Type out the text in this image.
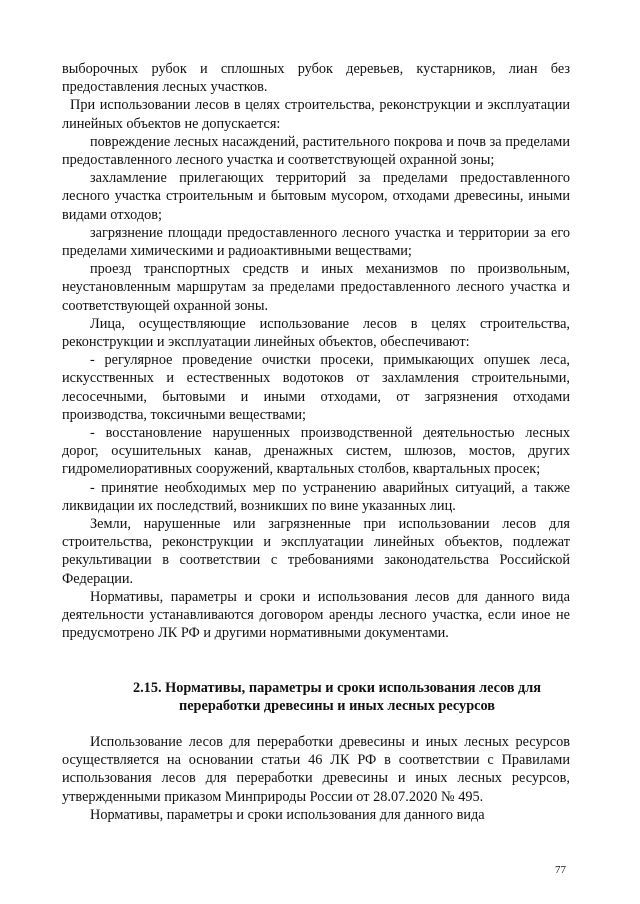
выборочных рубок и сплошных рубок деревьев, кустарников, лиан без предоставления лесных участков.

При использовании лесов в целях строительства, реконструкции и эксплуатации линейных объектов не допускается:

повреждение лесных насаждений, растительного покрова и почв за пределами предоставленного лесного участка и соответствующей охранной зоны;

захламление прилегающих территорий за пределами предоставленного лесного участка строительным и бытовым мусором, отходами древесины, иными видами отходов;

загрязнение площади предоставленного лесного участка и территории за его пределами химическими и радиоактивными веществами;

проезд транспортных средств и иных механизмов по произвольным, неустановленным маршрутам за пределами предоставленного лесного участка и соответствующей охранной зоны.

Лица, осуществляющие использование лесов в целях строительства, реконструкции и эксплуатации линейных объектов, обеспечивают:

- регулярное проведение очистки просеки, примыкающих опушек леса, искусственных и естественных водотоков от захламления строительными, лесосечными, бытовыми и иными отходами, от загрязнения отходами производства, токсичными веществами;

- восстановление нарушенных производственной деятельностью лесных дорог, осушительных канав, дренажных систем, шлюзов, мостов, других гидромелиоративных сооружений, квартальных столбов, квартальных просек;

- принятие необходимых мер по устранению аварийных ситуаций, а также ликвидации их последствий, возникших по вине указанных лиц.

Земли, нарушенные или загрязненные при использовании лесов для строительства, реконструкции и эксплуатации линейных объектов, подлежат рекультивации в соответствии с требованиями законодательства Российской Федерации.

Нормативы, параметры и сроки и использования лесов для данного вида деятельности устанавливаются договором аренды лесного участка, если иное не предусмотрено ЛК РФ и другими нормативными документами.

2.15. Нормативы, параметры и сроки использования лесов для переработки древесины и иных лесных ресурсов

Использование лесов для переработки древесины и иных лесных ресурсов осуществляется на основании статьи 46 ЛК РФ в соответствии с Правилами использования лесов для переработки древесины и иных лесных ресурсов, утвержденными приказом Минприроды России от 28.07.2020 № 495.

Нормативы, параметры и сроки использования для данного вида

77
